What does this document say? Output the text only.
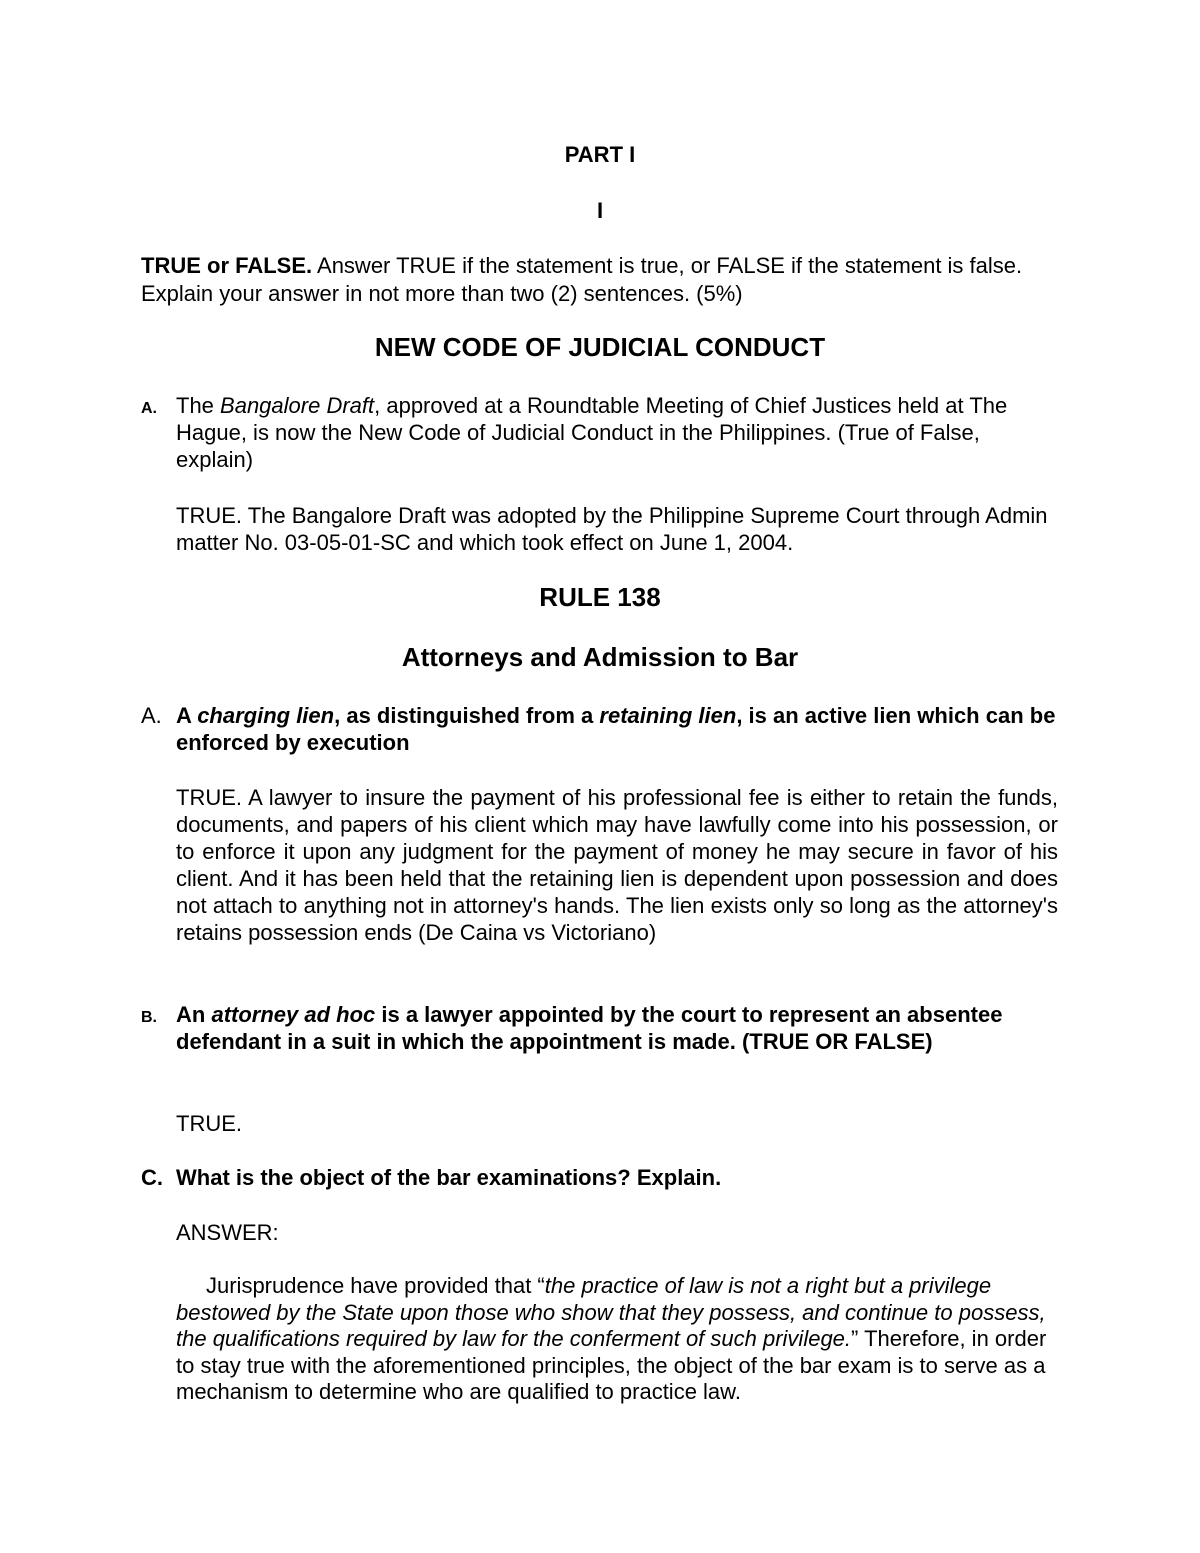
PART I
I
TRUE or FALSE. Answer TRUE if the statement is true, or FALSE if the statement is false. Explain your answer in not more than two (2) sentences. (5%)
NEW CODE OF JUDICIAL CONDUCT
A. The Bangalore Draft, approved at a Roundtable Meeting of Chief Justices held at The Hague, is now the New Code of Judicial Conduct in the Philippines. (True of False, explain)
TRUE. The Bangalore Draft was adopted by the Philippine Supreme Court through Admin matter No. 03-05-01-SC and which took effect on June 1, 2004.
RULE 138
Attorneys and Admission to Bar
A. A charging lien, as distinguished from a retaining lien, is an active lien which can be enforced by execution
TRUE. A lawyer to insure the payment of his professional fee is either to retain the funds, documents, and papers of his client which may have lawfully come into his possession, or to enforce it upon any judgment for the payment of money he may secure in favor of his client. And it has been held that the retaining lien is dependent upon possession and does not attach to anything not in attorney's hands. The lien exists only so long as the attorney's retains possession ends (De Caina vs Victoriano)
B. An attorney ad hoc is a lawyer appointed by the court to represent an absentee defendant in a suit in which the appointment is made. (TRUE OR FALSE)
TRUE.
C. What is the object of the bar examinations? Explain.
ANSWER:
Jurisprudence have provided that “the practice of law is not a right but a privilege bestowed by the State upon those who show that they possess, and continue to possess, the qualifications required by law for the conferment of such privilege.” Therefore, in order to stay true with the aforementioned principles, the object of the bar exam is to serve as a mechanism to determine who are qualified to practice law.
